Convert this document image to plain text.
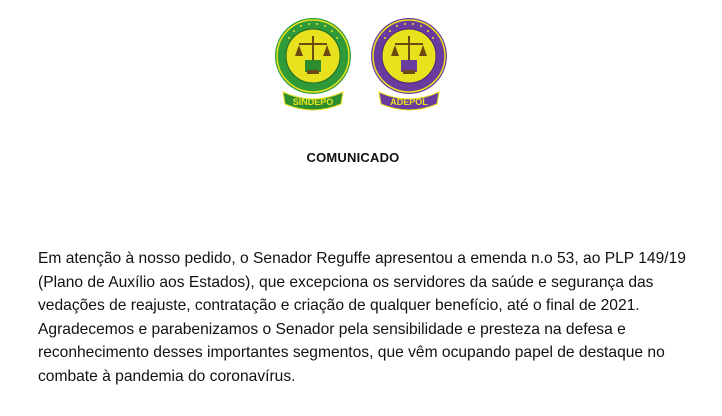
SINDEPO	ADEPOL
COMUNICADO

Em atenção à nosso pedido, o Senador Reguffe apresentou a emenda n.o 53, ao PLP 149/19 (Plano de Auxílio aos Estados), que excepciona os servidores da saúde e segurança das vedações de reajuste, contratação e criação de qualquer benefício, até o final de 2021. Agradecemos e parabenizamos o Senador pela sensibilidade e presteza na defesa e reconhecimento desses importantes segmentos, que vêm ocupando papel de destaque no combate à pandemia do coronavírus.
